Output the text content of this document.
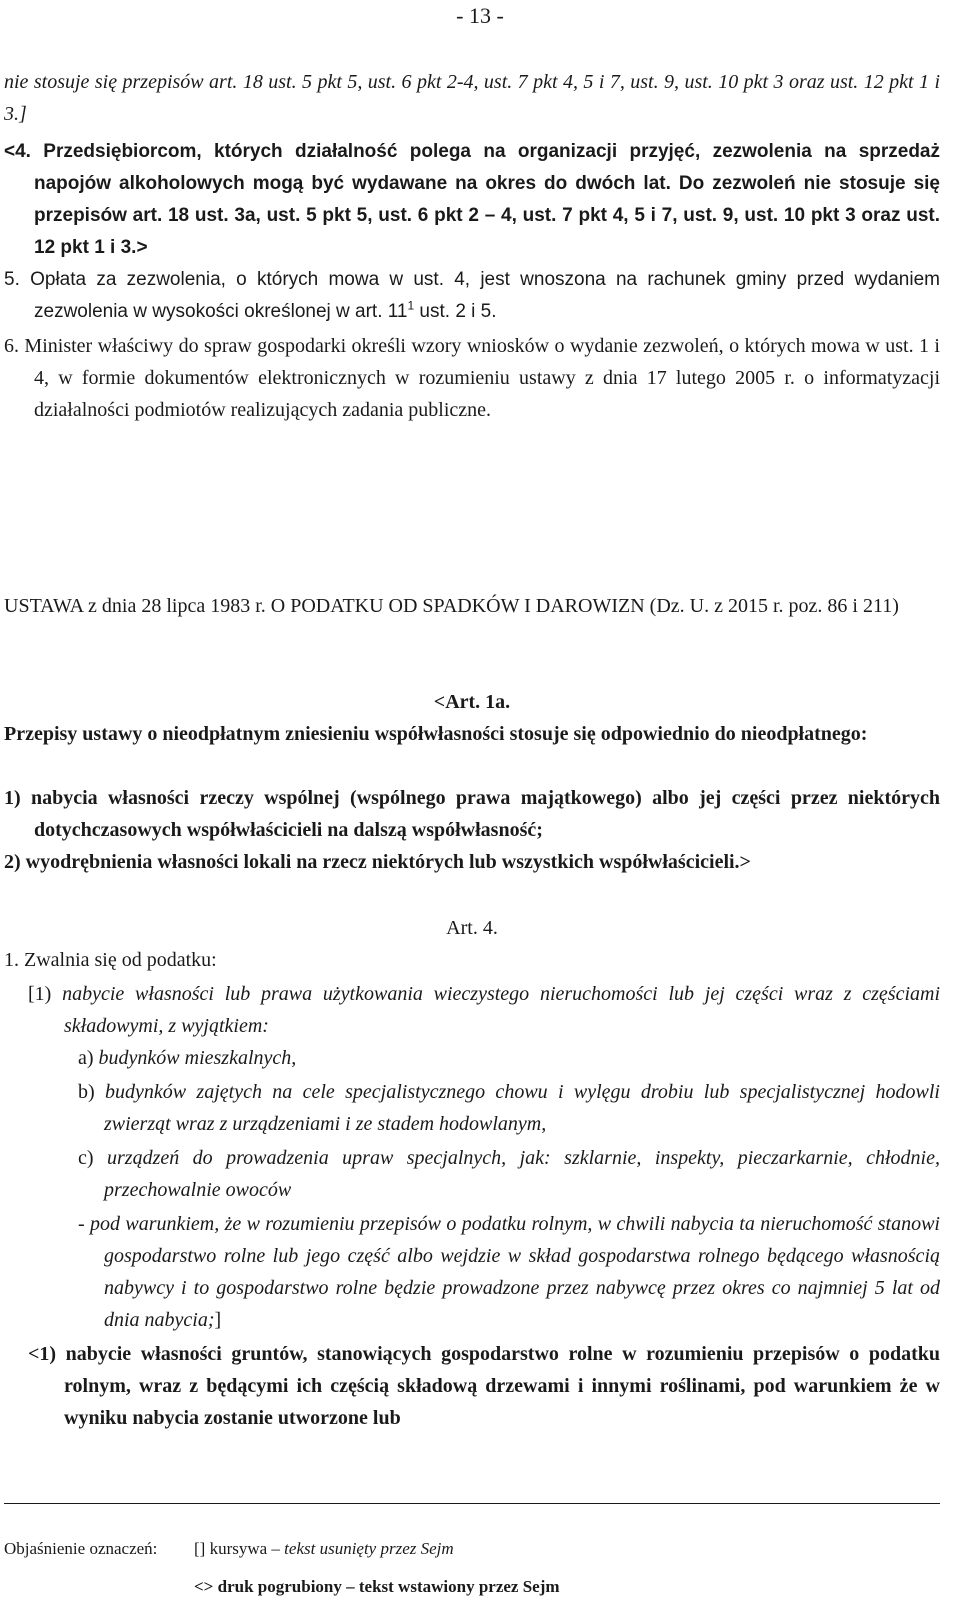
- 13 -

nie stosuje się przepisów art. 18 ust. 5 pkt 5, ust. 6 pkt 2-4, ust. 7 pkt 4, 5 i 7, ust. 9, ust. 10 pkt 3 oraz ust. 12 pkt 1 i 3.]

<4. Przedsiębiorcom, których działalność polega na organizacji przyjęć, zezwolenia na sprzedaż napojów alkoholowych mogą być wydawane na okres do dwóch lat. Do zezwoleń nie stosuje się przepisów art. 18 ust. 3a, ust. 5 pkt 5, ust. 6 pkt 2 – 4, ust. 7 pkt 4, 5 i 7, ust. 9, ust. 10 pkt 3 oraz ust. 12 pkt 1 i 3.>

5. Opłata za zezwolenia, o których mowa w ust. 4, jest wnoszona na rachunek gminy przed wydaniem zezwolenia w wysokości określonej w art. $11^1$ ust. 2 i 5.

6. Minister właściwy do spraw gospodarki określi wzory wniosków o wydanie zezwoleń, o których mowa w ust. 1 i 4, w formie dokumentów elektronicznych w rozumieniu ustawy z dnia 17 lutego 2005 r. o informatyzacji działalności podmiotów realizujących zadania publiczne.

USTAWA z dnia 28 lipca 1983 r. O PODATKU OD SPADKÓW I DAROWIZN (Dz. U. z 2015 r. poz. 86 i 211)

<Art. 1a.

Przepisy ustawy o nieodpłatnym zniesieniu współwłasności stosuje się odpowiednio do nieodpłatnego:

1) nabycia własności rzeczy wspólnej (wspólnego prawa majątkowego) albo jej części przez niektórych dotychczasowych współwłaścicieli na dalszą współwłasność;

2) wyodrębnienia własności lokali na rzecz niektórych lub wszystkich współwłaścicieli.>

Art. 4.

1. Zwalnia się od podatku:

[1) nabycie własności lub prawa użytkowania wieczystego nieruchomości lub jej części wraz z częściami składowymi, z wyjątkiem:

a) budynków mieszkalnych,

b) budynków zajętych na cele specjalistycznego chowu i wylęgu drobiu lub specjalistycznej hodowli zwierząt wraz z urządzeniami i ze stadem hodowlanym,

c) urządzeń do prowadzenia upraw specjalnych, jak: szklarnie, inspekty, pieczarkarnie, chłodnie, przechowalnie owoców

- pod warunkiem, że w rozumieniu przepisów o podatku rolnym, w chwili nabycia ta nieruchomość stanowi gospodarstwo rolne lub jego część albo wejdzie w skład gospodarstwa rolnego będącego własnością nabywcy i to gospodarstwo rolne będzie prowadzone przez nabywcę przez okres co najmniej 5 lat od dnia nabycia;]

<1) nabycie własności gruntów, stanowiących gospodarstwo rolne w rozumieniu przepisów o podatku rolnym, wraz z będącymi ich częścią składową drzewami i innymi roślinami, pod warunkiem że w wyniku nabycia zostanie utworzone lub

Objaśnienie oznaczeń: [] kursywa – tekst usunięty przez Sejm
<> druk pogrubiony – tekst wstawiony przez Sejm
